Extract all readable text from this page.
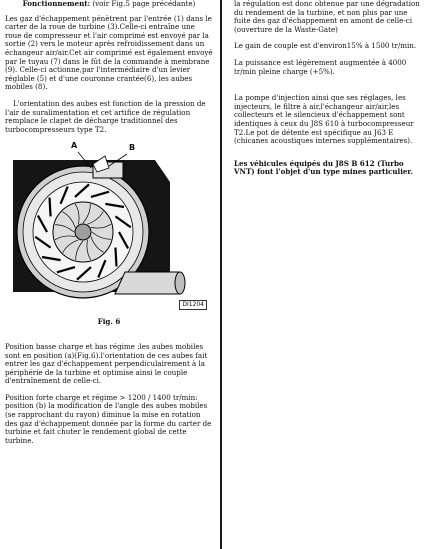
Fonctionnement: (voir Fig.5 page précédante)

Les gaz d'échappement pénètrent par l'entrée (1) dans le carter de la roue de turbine (3).Celle-ci entraîne une roue de compresseur et l'air comprimé est envoyé par la sortie (2) vers le moteur après refroidissement dans un échangeur air/air.Cet air comprimé est également envoyé par le tuyau (7) dans le fût de la commande à membrane (9). Celle-ci actionne,par l'intermédiaire d'un levier réglable (5) et d'une couronne crantée(6), les aubes mobiles (8).

L'orientation des aubes est fonction de la pression de l'air de suralimentation et cet artifice de régulation remplace le clapet de décharge traditionnel des turbocompresseurs type T2.

A	B
DI1204
Fig. 6

Position basse charge et bas régime :les aubes mobiles sont en position (a)(Fig.6).l'orientation de ces aubes fait entrer les gaz d'échappement perpendiculairement à la périphérie de la turbine et optimise ainsi le couple d'entraînement de celle-ci.

Position forte charge et régime > 1200 / 1400 tr/min: position (b) la modification de l'angle des aubes mobiles (se rapprochant du rayon) diminue la mise en rotation des gaz d'échappement donnée par la forme du carter de turbine et fait chuter le rendement global de cette turbine.

la régulation est donc obtenue par une dégradation du rendement de la turbine, et non plus par une fuite des gaz d'échappement en amont de celle-ci (ouverture de la Waste-Gate)

Le gain de couple est d'environ15% à 1500 tr/min.

La puissance est légèrement augmentée à 4000 tr/min pleine charge (+5%).

La pompe d'injection ainsi que ses réglages, les injecteurs, le filtre à air,l'échangeur air/air,les collecteurs et le silencieux d'échappement sont identiques à ceux du J8S 610 à turbocompresseur T2.Le pot de détente est spécifique au J63 E (chicanes acoustiques internes supplémentaires).

Les véhicules équipés du J8S B 612 (Turbo VNT) font l'objet d'un type mines particulier.
